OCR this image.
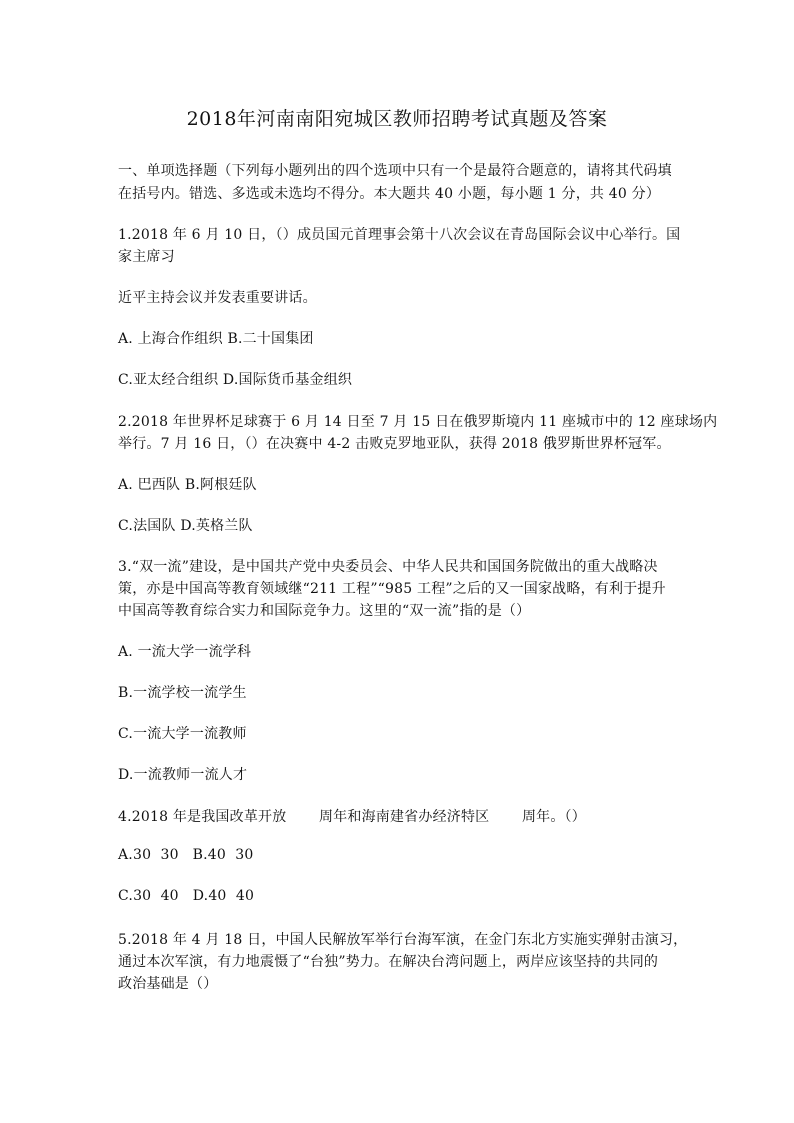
2018年河南南阳宛城区教师招聘考试真题及答案
一、单项选择题（下列每小题列出的四个选项中只有一个是最符合题意的，请将其代码填
在括号内。错选、多选或未选均不得分。本大题共 40 小题，每小题 1 分，共 40 分）
1.2018 年 6 月 10 日，（）成员国元首理事会第十八次会议在青岛国际会议中心举行。国
家主席习
近平主持会议并发表重要讲话。
A. 上海合作组织 B.二十国集团
C.亚太经合组织 D.国际货币基金组织
2.2018 年世界杯足球赛于 6 月 14 日至 7 月 15 日在俄罗斯境内 11 座城市中的 12 座球场内
举行。7 月 16 日，（）在决赛中 4-2 击败克罗地亚队，获得 2018 俄罗斯世界杯冠军。
A. 巴西队 B.阿根廷队
C.法国队 D.英格兰队
3.“双一流”建设，是中国共产党中央委员会、中华人民共和国国务院做出的重大战略决
策，亦是中国高等教育领域继“211 工程”“985 工程”之后的又一国家战略，有利于提升
中国高等教育综合实力和国际竞争力。这里的“双一流”指的是（）
A. 一流大学一流学科
B.一流学校一流学生
C.一流大学一流教师
D.一流教师一流人才
4.2018 年是我国改革开放       周年和海南建省办经济特区       周年。（）
A.30  30   B.40  30
C.30  40   D.40  40
5.2018 年 4 月 18 日，中国人民解放军举行台海军演，在金门东北方实施实弹射击演习，
通过本次军演，有力地震慑了“台独”势力。在解决台湾问题上，两岸应该坚持的共同的
政治基础是（）
